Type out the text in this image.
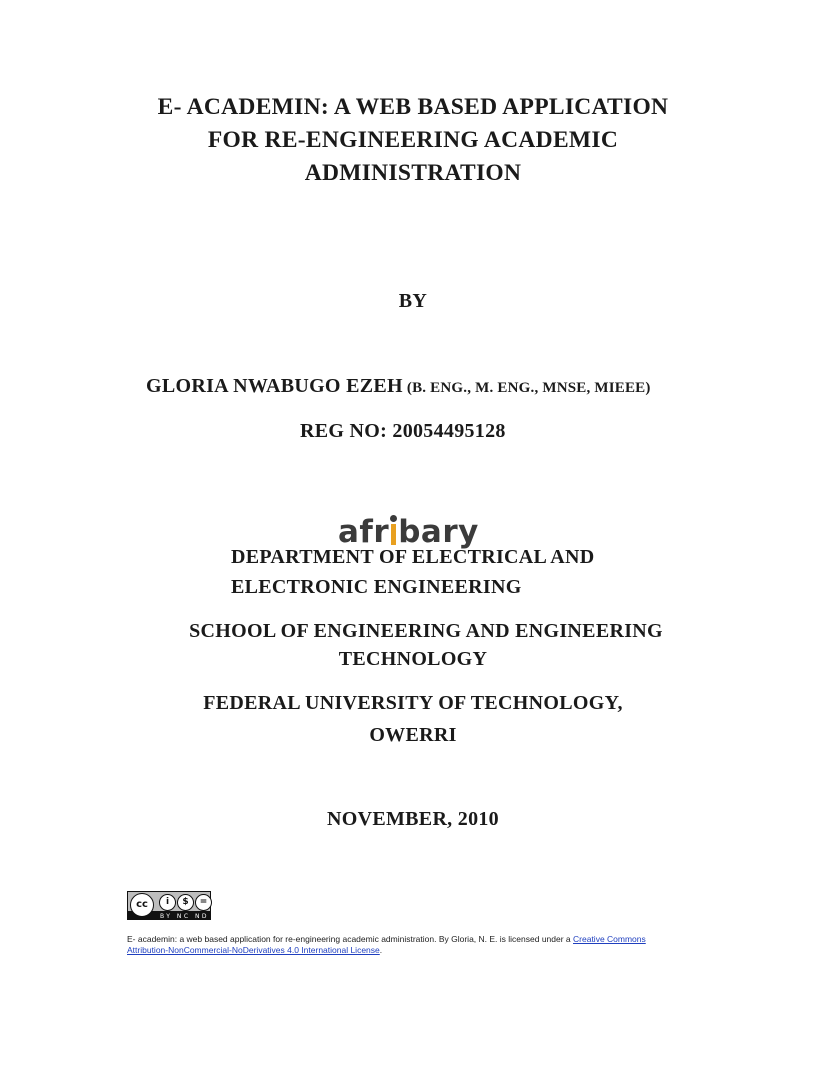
E- ACADEMIN: A WEB BASED APPLICATION
FOR RE-ENGINEERING ACADEMIC
ADMINISTRATION
BY
GLORIA NWABUGO EZEH (B. ENG., M. ENG., MNSE, MIEEE)
REG NO: 20054495128
afr bary
DEPARTMENT OF ELECTRICAL AND
ELECTRONIC ENGINEERING
SCHOOL OF ENGINEERING AND ENGINEERING
TECHNOLOGY
FEDERAL UNIVERSITY OF TECHNOLOGY,
OWERRI
NOVEMBER, 2010
cc	i	$	=
BY NC ND
E- academin: a web based application for re-engineering academic administration. By Gloria, N. E. is licensed under a Creative Commons Attribution-NonCommercial-NoDerivatives 4.0 International License.
